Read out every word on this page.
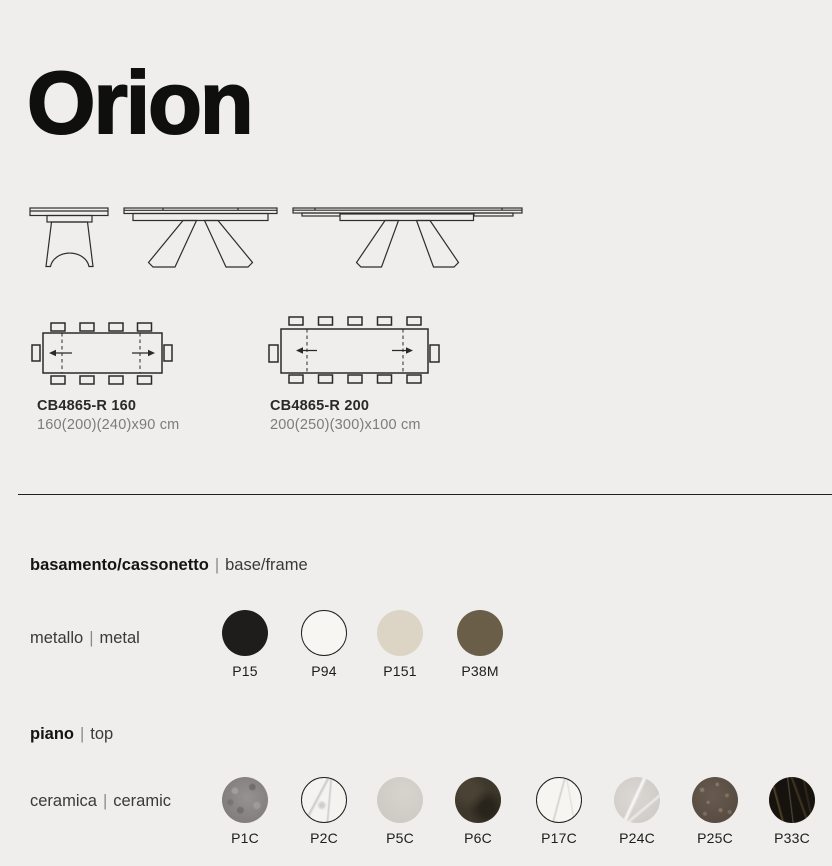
Orion
CB4865-R 160
160(200)(240)x90 cm
CB4865-R 200
200(250)(300)x100 cm
basamento/cassonetto | base/frame
metallo | metal
P15	P94	P151	P38M
piano | top
ceramica | ceramic
P1C	P2C	P5C	P6C	P17C	P24C	P25C	P33C
